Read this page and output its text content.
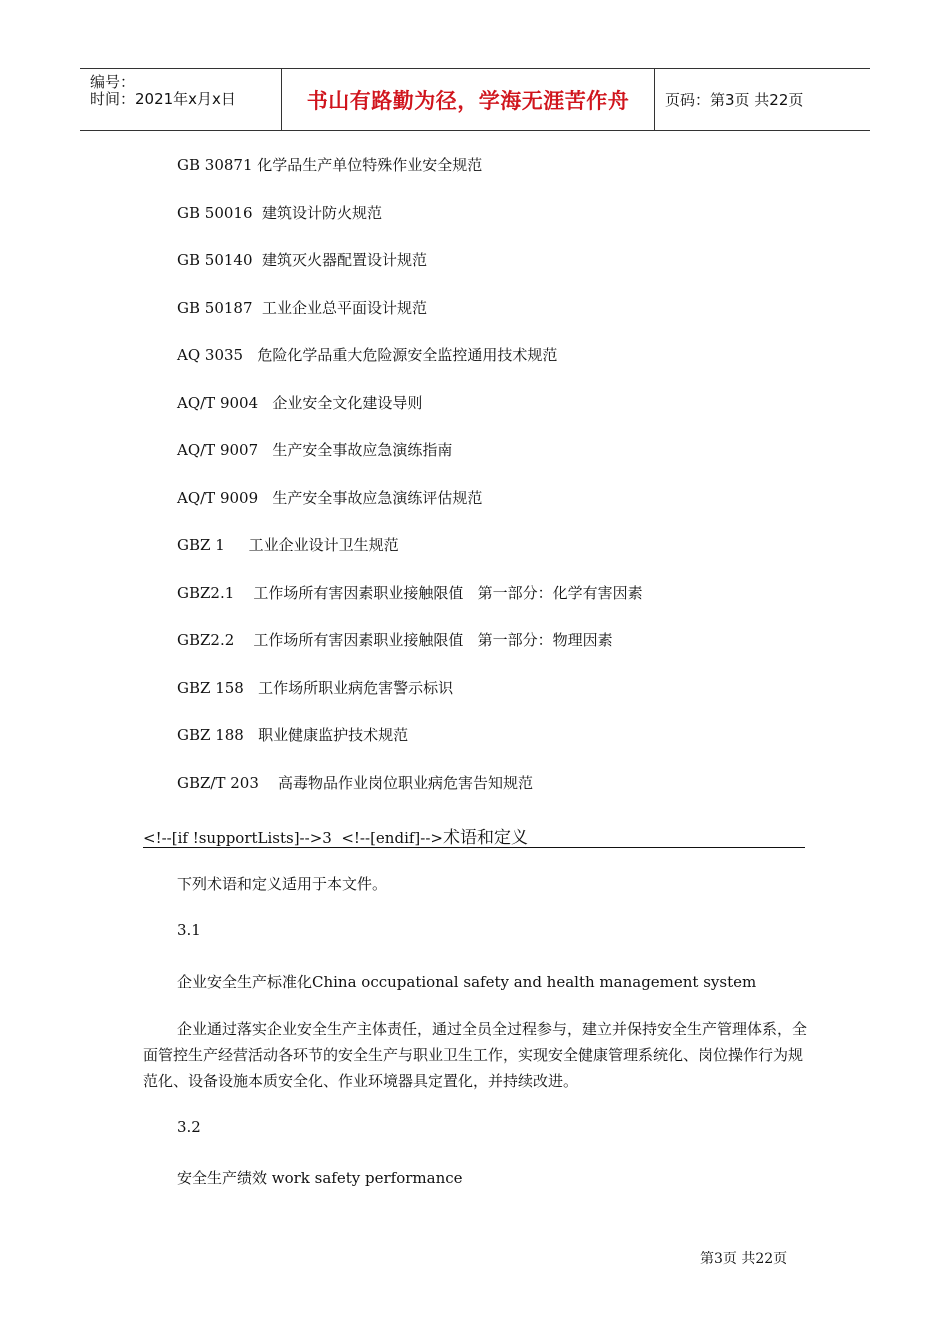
编号：
时间：2021年x月x日	书山有路勤为径，学海无涯苦作舟	页码：第3页 共22页
GB 30871 化学品生产单位特殊作业安全规范
GB 50016  建筑设计防火规范
GB 50140  建筑灭火器配置设计规范
GB 50187  工业企业总平面设计规范
AQ 3035   危险化学品重大危险源安全监控通用技术规范
AQ/T 9004   企业安全文化建设导则
AQ/T 9007   生产安全事故应急演练指南
AQ/T 9009   生产安全事故应急演练评估规范
GBZ 1     工业企业设计卫生规范
GBZ2.1    工作场所有害因素职业接触限值   第一部分：化学有害因素
GBZ2.2    工作场所有害因素职业接触限值   第一部分：物理因素
GBZ 158   工作场所职业病危害警示标识
GBZ 188   职业健康监护技术规范
GBZ/T 203    高毒物品作业岗位职业病危害告知规范
<!--[if !supportLists]-->3  <!--[endif]-->术语和定义
下列术语和定义适用于本文件。
3.1
企业安全生产标准化China occupational safety and health management system
企业通过落实企业安全生产主体责任，通过全员全过程参与，建立并保持安全生产管理体系，全面管控生产经营活动各环节的安全生产与职业卫生工作，实现安全健康管理系统化、岗位操作行为规范化、设备设施本质安全化、作业环境器具定置化，并持续改进。
3.2
安全生产绩效 work safety performance
第3页 共22页
